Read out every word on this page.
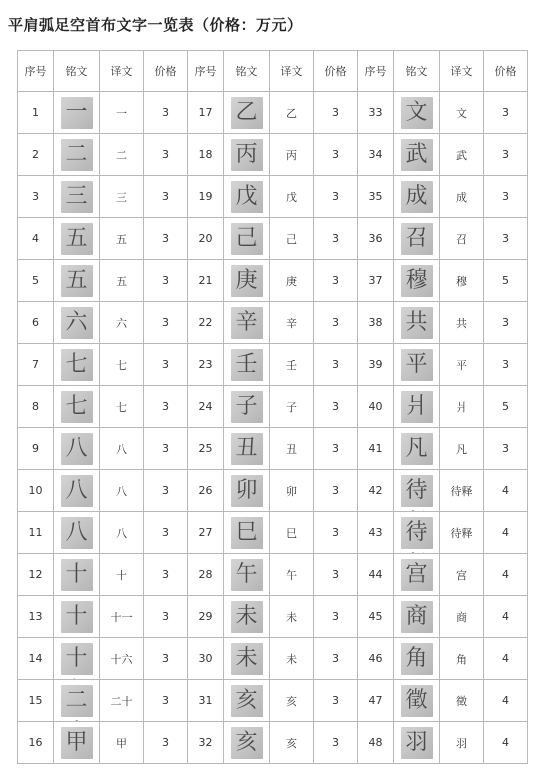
平肩弧足空首布文字一览表（价格：万元）
序号	铭文	译文	价格	序号	铭文	译文	价格	序号	铭文	译文	价格
1	一	一	3	17	乙	乙	3	33	文	文	3
2	二	二	3	18	丙	丙	3	34	武	武	3
3	三	三	3	19	戊	戊	3	35	成	成	3
4	五	五	3	20	己	己	3	36	召	召	3
5	五	五	3	21	庚	庚	3	37	穆	穆	5
6	六	六	3	22	辛	辛	3	38	共	共	3
7	七	七	3	23	壬	壬	3	39	平	平	3
8	七	七	3	24	子	子	3	40	爿	爿	5
9	八	八	3	25	丑	丑	3	41	凡	凡	3
10	八	八	3	26	卯	卯	3	42	待	待释	4
11	八	八	3	27	巳	巳	3	43	待	待释	4
12	十	十	3	28	午	午	3	44	宫	宫	4
13	十	十一	3	29	未	未	3	45	商	商	4
14	十	十六	3	30	未	未	3	46	角	角	4
15	二	二十	3	31	亥	亥	3	47	徵	徵	4
16	甲	甲	3	32	亥	亥	3	48	羽	羽	4
